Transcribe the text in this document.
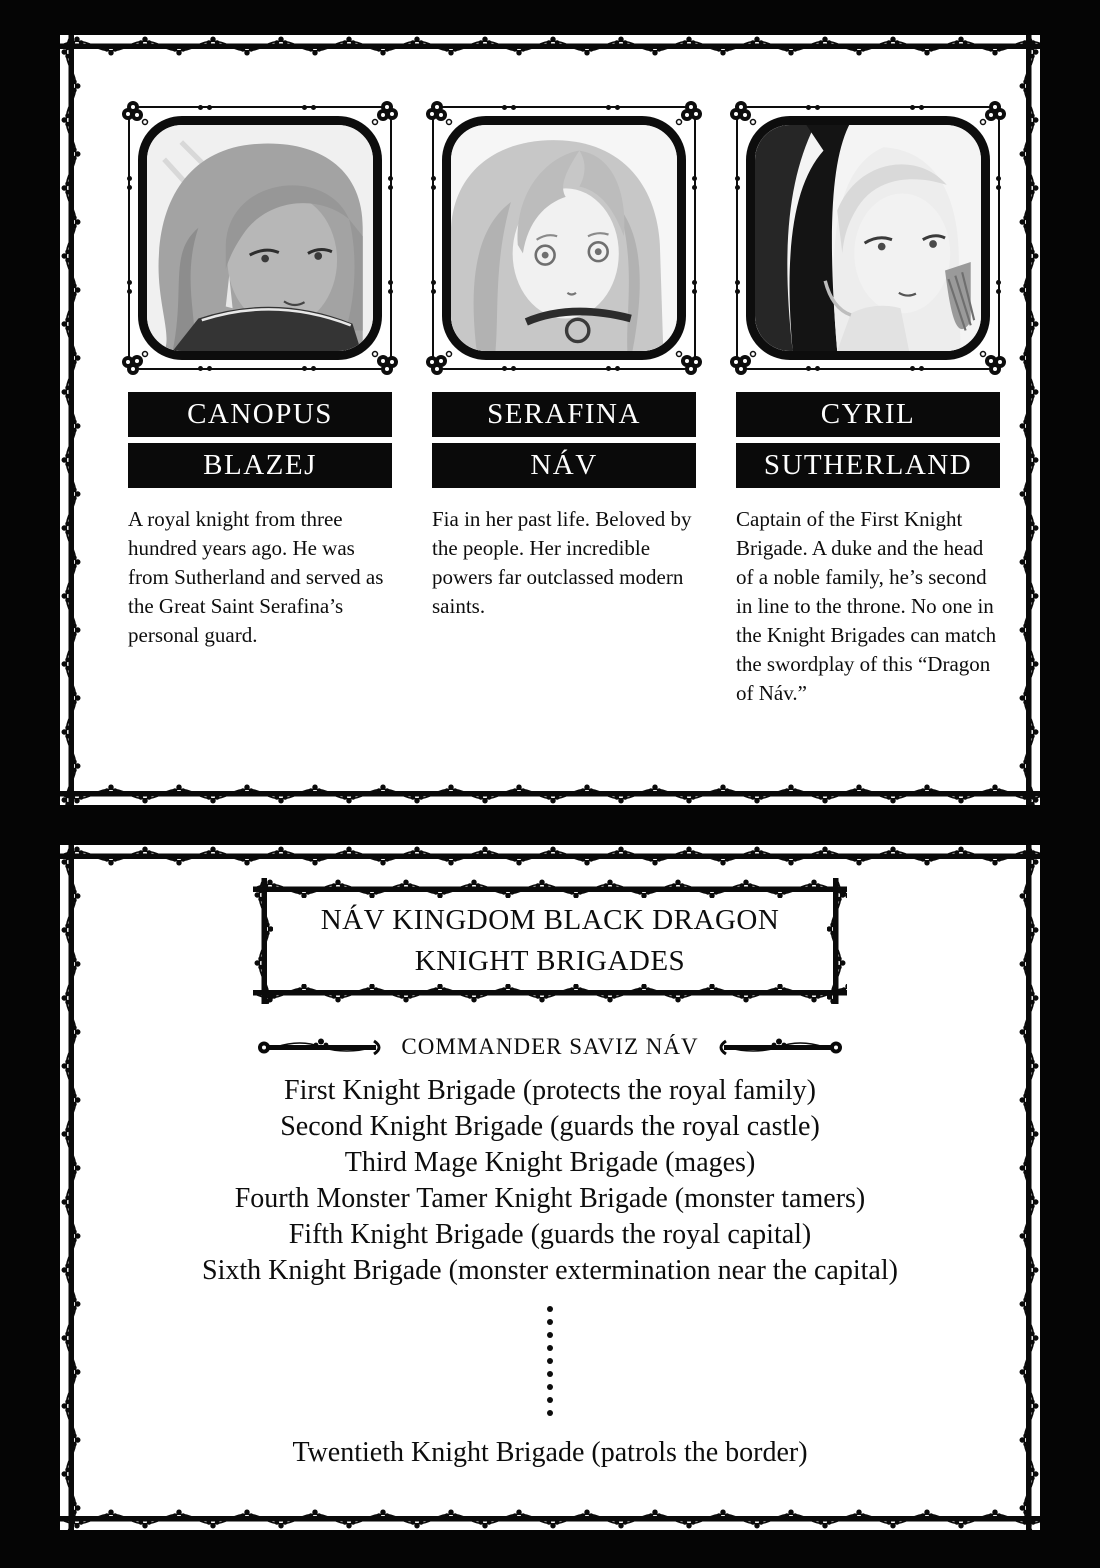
CANOPUS
BLAZEJ

A royal knight from three hundred years ago. He was from Sutherland and served as the Great Saint Serafina’s personal guard.

SERAFINA
NÁV

Fia in her past life. Beloved by the people. Her incredible powers far outclassed modern saints.

CYRIL
SUTHERLAND

Captain of the First Knight Brigade. A duke and the head of a noble family, he’s second in line to the throne. No one in the Knight Brigades can match the swordplay of this “Dragon of Náv.”

NÁV KINGDOM BLACK DRAGON
KNIGHT BRIGADES
COMMANDER SAVIZ NÁV
First Knight Brigade (protects the royal family)
Second Knight Brigade (guards the royal castle)
Third Mage Knight Brigade (mages)
Fourth Monster Tamer Knight Brigade (monster tamers)
Fifth Knight Brigade (guards the royal capital)
Sixth Knight Brigade (monster extermination near the capital)
Twentieth Knight Brigade (patrols the border)
